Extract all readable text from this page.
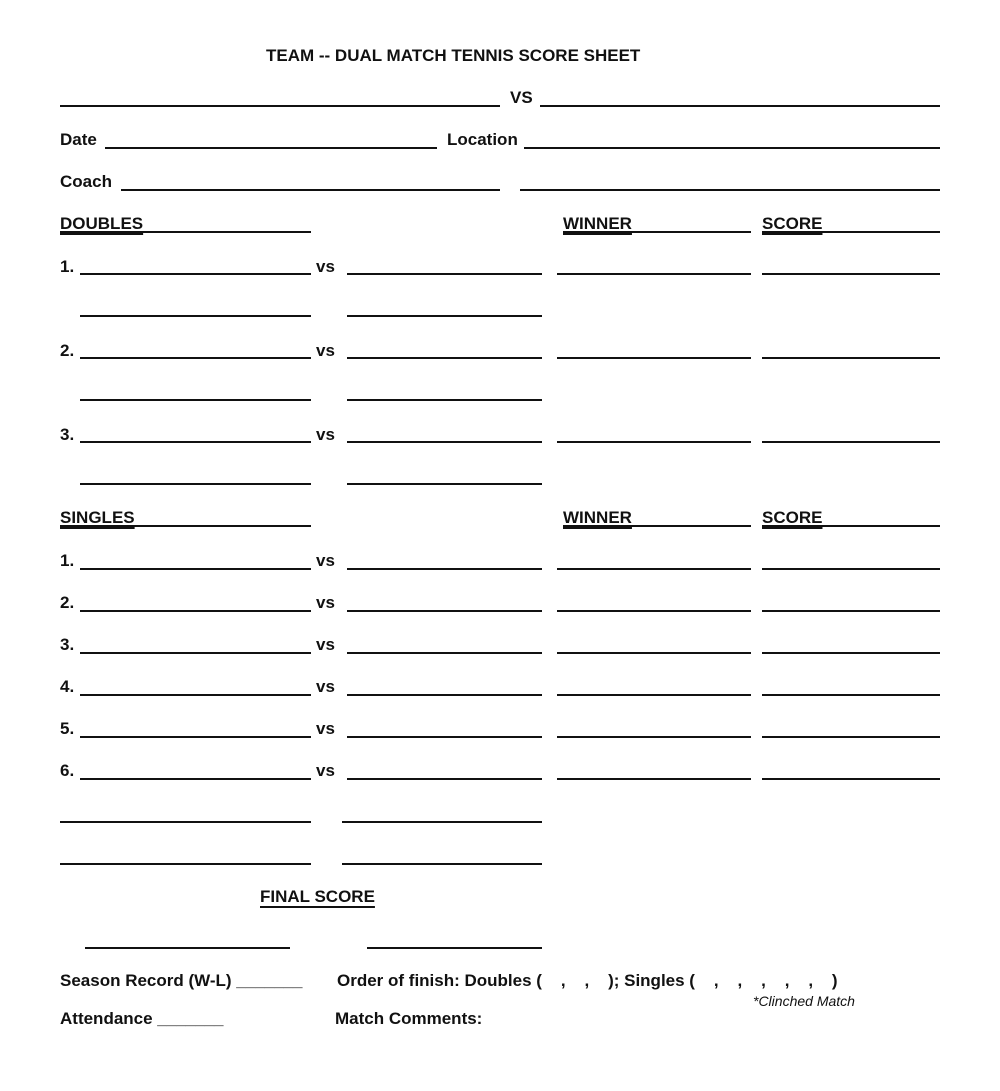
TEAM -- DUAL MATCH TENNIS SCORE SHEET
VS
Date	Location
Coach
DOUBLES	WINNER	SCORE
1.	vs
2.	vs
3.	vs
SINGLES	WINNER	SCORE
1.	vs
2.	vs
3.	vs
4.	vs
5.	vs
6.	vs
FINAL SCORE
Season Record (W-L) _______ Order of finish: Doubles (    ,    ,    ); Singles (    ,    ,    ,    ,    ,    )
*Clinched Match
Attendance _______	Match Comments:
